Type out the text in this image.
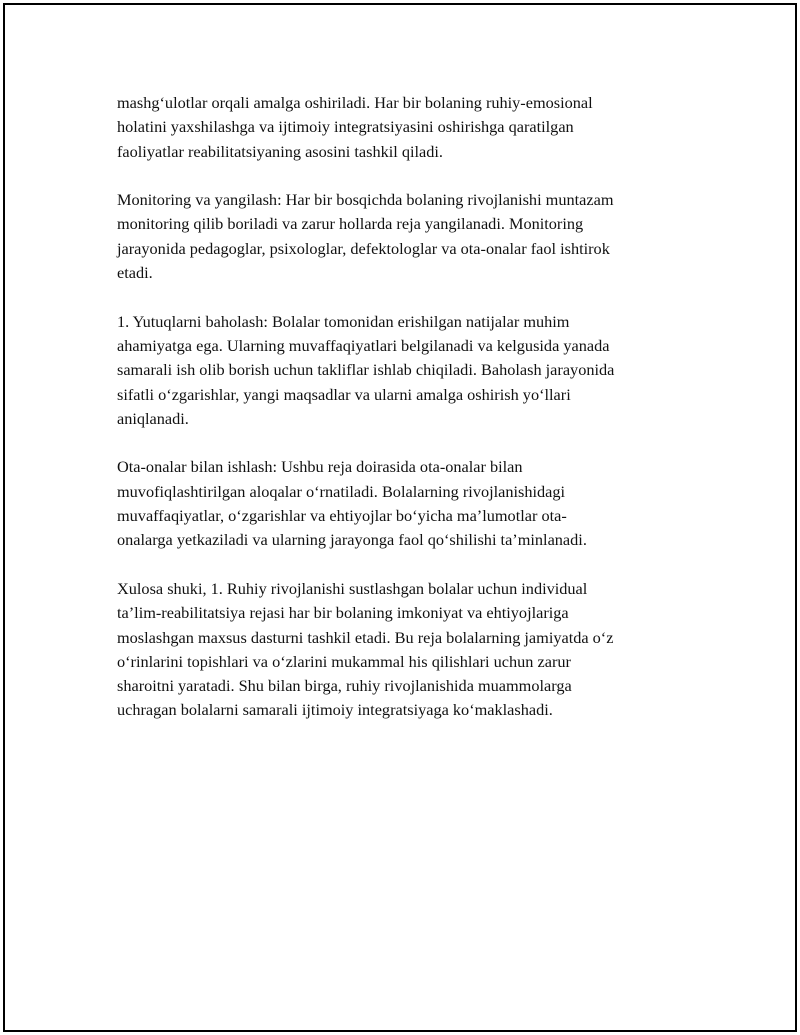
mashg‘ulotlar orqali amalga oshiriladi. Har bir bolaning ruhiy-emosional
holatini yaxshilashga va ijtimoiy integratsiyasini oshirishga qaratilgan
faoliyatlar reabilitatsiyaning asosini tashkil qiladi.

Monitoring va yangilash: Har bir bosqichda bolaning rivojlanishi muntazam
monitoring qilib boriladi va zarur hollarda reja yangilanadi. Monitoring
jarayonida pedagoglar, psixologlar, defektologlar va ota-onalar faol ishtirok
etadi.

1. Yutuqlarni baholash: Bolalar tomonidan erishilgan natijalar muhim
ahamiyatga ega. Ularning muvaffaqiyatlari belgilanadi va kelgusida yanada
samarali ish olib borish uchun takliflar ishlab chiqiladi. Baholash jarayonida
sifatli o‘zgarishlar, yangi maqsadlar va ularni amalga oshirish yo‘llari
aniqlanadi.

Ota-onalar bilan ishlash: Ushbu reja doirasida ota-onalar bilan
muvofiqlashtirilgan aloqalar o‘rnatiladi. Bolalarning rivojlanishidagi
muvaffaqiyatlar, o‘zgarishlar va ehtiyojlar bo‘yicha ma’lumotlar ota-
onalarga yetkaziladi va ularning jarayonga faol qo‘shilishi ta’minlanadi.

Xulosa shuki, 1. Ruhiy rivojlanishi sustlashgan bolalar uchun individual
ta’lim-reabilitatsiya rejasi har bir bolaning imkoniyat va ehtiyojlariga
moslashgan maxsus dasturni tashkil etadi. Bu reja bolalarning jamiyatda o‘z
o‘rinlarini topishlari va o‘zlarini mukammal his qilishlari uchun zarur
sharoitni yaratadi. Shu bilan birga, ruhiy rivojlanishida muammolarga
uchragan bolalarni samarali ijtimoiy integratsiyaga ko‘maklashadi.
